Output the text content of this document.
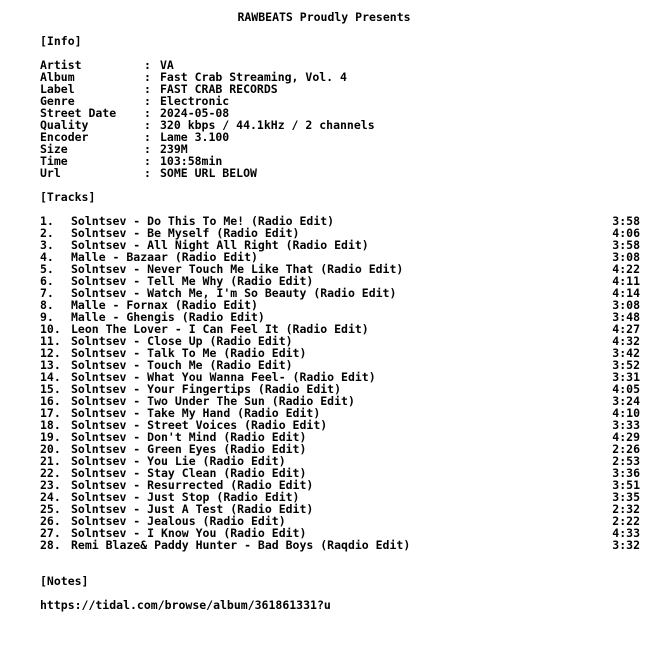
RAWBEATS Proudly Presents
[Info]
Artist	: VA
Album	: Fast Crab Streaming, Vol. 4
Label	: FAST CRAB RECORDS
Genre	: Electronic
Street Date	: 2024-05-08
Quality	: 320 kbps / 44.1kHz / 2 channels
Encoder	: Lame 3.100
Size	: 239M
Time	: 103:58min
Url	: SOME URL BELOW
[Tracks]
1. Solntsev - Do This To Me! (Radio Edit)	3:58
2. Solntsev - Be Myself (Radio Edit)	4:06
3. Solntsev - All Night All Right (Radio Edit)	3:58
4. Malle - Bazaar (Radio Edit)	3:08
5. Solntsev - Never Touch Me Like That (Radio Edit)	4:22
6. Solntsev - Tell Me Why (Radio Edit)	4:11
7. Solntsev - Watch Me, I'm So Beauty (Radio Edit)	4:14
8. Malle - Fornax (Radio Edit)	3:08
9. Malle - Ghengis (Radio Edit)	3:48
10. Leon The Lover - I Can Feel It (Radio Edit)	4:27
11. Solntsev - Close Up (Radio Edit)	4:32
12. Solntsev - Talk To Me (Radio Edit)	3:42
13. Solntsev - Touch Me (Radio Edit)	3:52
14. Solntsev - What You Wanna Feel- (Radio Edit)	3:31
15. Solntsev - Your Fingertips (Radio Edit)	4:05
16. Solntsev - Two Under The Sun (Radio Edit)	3:24
17. Solntsev - Take My Hand (Radio Edit)	4:10
18. Solntsev - Street Voices (Radio Edit)	3:33
19. Solntsev - Don't Mind (Radio Edit)	4:29
20. Solntsev - Green Eyes (Radio Edit)	2:26
21. Solntsev - You Lie (Radio Edit)	2:53
22. Solntsev - Stay Clean (Radio Edit)	3:36
23. Solntsev - Resurrected (Radio Edit)	3:51
24. Solntsev - Just Stop (Radio Edit)	3:35
25. Solntsev - Just A Test (Radio Edit)	2:32
26. Solntsev - Jealous (Radio Edit)	2:22
27. Solntsev - I Know You (Radio Edit)	4:33
28. Remi Blaze& Paddy Hunter - Bad Boys (Raqdio Edit)	3:32
[Notes]
https://tidal.com/browse/album/361861331?u
